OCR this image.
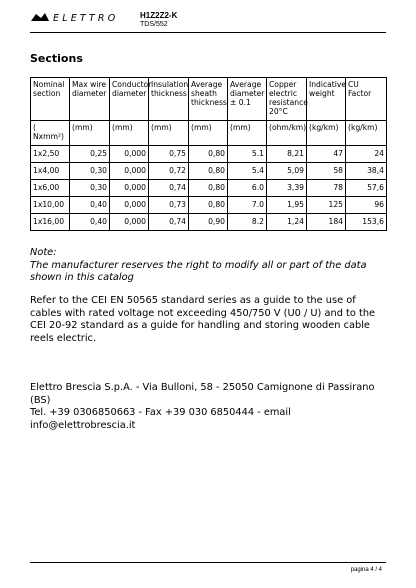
ELETTRO	H1Z2Z2-K
TDS/552
Sections
Nominal section	Max wire diameter	Conductor diameter	Insulation thickness	Average sheath thickness	Average diameter ± 0.1	Copper electric resistance 20°C	Indicative weight	CU Factor
( Nxmm²)	(mm)	(mm)	(mm)	(mm)	(mm)	(ohm/km)	(kg/km)	(kg/km)
1x2,50	0,25	0,000	0,75	0,80	5.1	8,21	47	24
1x4,00	0,30	0,000	0,72	0,80	5.4	5,09	58	38,4
1x6,00	0,30	0,000	0,74	0,80	6.0	3,39	78	57,6
1x10,00	0,40	0,000	0,73	0,80	7.0	1,95	125	96
1x16,00	0,40	0,000	0,74	0,90	8.2	1,24	184	153,6
Note:
The manufacturer reserves the right to modify all or part of the data shown in this catalog
Refer to the CEI EN 50565 standard series as a guide to the use of cables with rated voltage not exceeding 450/750 V (U0 / U) and to the CEI 20-92 standard as a guide for handling and storing wooden cable reels electric.
Elettro Brescia S.p.A. - Via Bulloni, 58 - 25050 Camignone di Passirano (BS)
Tel. +39 0306850663 - Fax +39 030 6850444 - email info@elettrobrescia.it
pagina 4 / 4
